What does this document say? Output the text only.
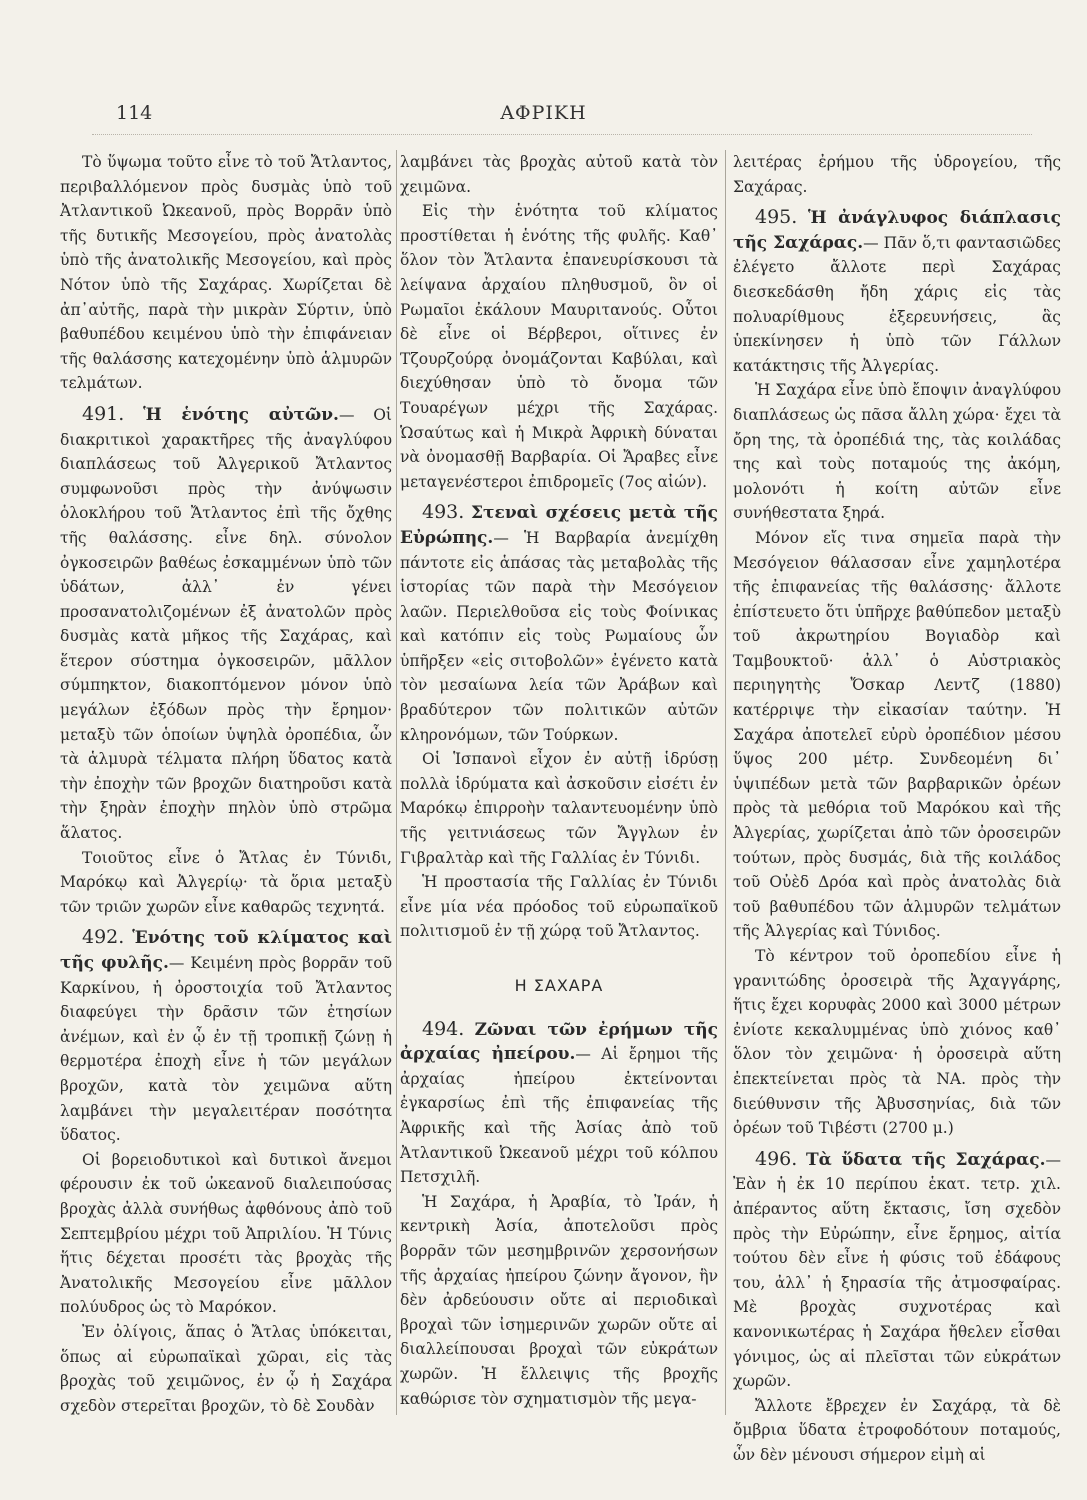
114	ΑΦΡΙΚΗ

Τὸ ὕψωμα τοῦτο εἶνε τὸ τοῦ Ἄτλαντος, περιβαλλόμενον πρὸς δυσμὰς ὑπὸ τοῦ Ἀτλαντικοῦ Ὠκεανοῦ, πρὸς Βορρᾶν ὑπὸ τῆς δυτικῆς Μεσογείου, πρὸς ἀνατολὰς ὑπὸ τῆς ἀνατολικῆς Μεσογείου, καὶ πρὸς Νότον ὑπὸ τῆς Σαχάρας. Χωρίζεται δὲ ἀπ᾽αὐτῆς, παρὰ τὴν μικρὰν Σύρτιν, ὑπὸ βαθυπέδου κειμένου ὑπὸ τὴν ἐπιφάνειαν τῆς θαλάσσης κατεχομένην ὑπὸ ἁλμυρῶν τελμάτων.

491. Ἡ ἑνότης αὐτῶν.— Οἱ διακριτικοὶ χαρακτῆρες τῆς ἀναγλύφου διαπλάσεως τοῦ Ἀλγερικοῦ Ἄτλαντος συμφωνοῦσι πρὸς τὴν ἀνύψωσιν ὁλοκλήρου τοῦ Ἄτλαντος ἐπὶ τῆς ὄχθης τῆς θαλάσσης. εἶνε δηλ. σύνολον ὀγκοσειρῶν βαθέως ἐσκαμμένων ὑπὸ τῶν ὑδάτων, ἀλλ᾽ ἐν γένει προσανατολιζομένων ἐξ ἀνατολῶν πρὸς δυσμὰς κατὰ μῆκος τῆς Σαχάρας, καὶ ἕτερον σύστημα ὀγκοσειρῶν, μᾶλλον σύμπηκτον, διακοπτόμενον μόνον ὑπὸ μεγάλων ἐξόδων πρὸς τὴν ἔρημον· μεταξὺ τῶν ὁποίων ὑψηλὰ ὀροπέδια, ὧν τὰ ἁλμυρὰ τέλματα πλήρη ὕδατος κατὰ τὴν ἐποχὴν τῶν βροχῶν διατηροῦσι κατὰ τὴν ξηρὰν ἐποχὴν πηλὸν ὑπὸ στρῶμα ἅλατος.

Τοιοῦτος εἶνε ὁ Ἄτλας ἐν Τύνιδι, Μαρόκῳ καὶ Ἀλγερίῳ· τὰ ὅρια μεταξὺ τῶν τριῶν χωρῶν εἶνε καθαρῶς τεχνητά.

492. Ἑνότης τοῦ κλίματος καὶ τῆς φυλῆς.— Κειμένη πρὸς βορρᾶν τοῦ Καρκίνου, ἡ ὀροστοιχία τοῦ Ἄτλαντος διαφεύγει τὴν δρᾶσιν τῶν ἐτησίων ἀνέμων, καὶ ἐν ᾧ ἐν τῇ τροπικῇ ζώνῃ ἡ θερμοτέρα ἐποχὴ εἶνε ἡ τῶν μεγάλων βροχῶν, κατὰ τὸν χειμῶνα αὕτη λαμβάνει τὴν μεγαλειτέραν ποσότητα ὕδατος.

Οἱ βορειοδυτικοὶ καὶ δυτικοὶ ἄνεμοι φέρουσιν ἐκ τοῦ ὠκεανοῦ διαλειπούσας βροχὰς ἀλλὰ συνήθως ἀφθόνους ἀπὸ τοῦ Σεπτεμβρίου μέχρι τοῦ Ἀπριλίου. Ἡ Τύνις ἥτις δέχεται προσέτι τὰς βροχὰς τῆς Ἀνατολικῆς Μεσογείου εἶνε μᾶλλον πολύυδρος ὡς τὸ Μαρόκον.

Ἐν ὀλίγοις, ἅπας ὁ Ἄτλας ὑπόκειται, ὅπως αἱ εὐρωπαϊκαὶ χῶραι, εἰς τὰς βροχὰς τοῦ χειμῶνος, ἐν ᾧ ἡ Σαχάρα σχεδὸν στερεῖται βροχῶν, τὸ δὲ Σουδὰν

λαμβάνει τὰς βροχὰς αὐτοῦ κατὰ τὸν χειμῶνα.

Εἰς τὴν ἑνότητα τοῦ κλίματος προστίθεται ἡ ἑνότης τῆς φυλῆς. Καθ᾽ ὅλον τὸν Ἄτλαντα ἐπανευρίσκουσι τὰ λείψανα ἀρχαίου πληθυσμοῦ, ὃν οἱ Ρωμαῖοι ἐκάλουν Μαυριτανούς. Οὗτοι δὲ εἶνε οἱ Βέρβεροι, οἵτινες ἐν Τζουρζούρᾳ ὀνομάζονται Καβύλαι, καὶ διεχύθησαν ὑπὸ τὸ ὄνομα τῶν Τουαρέγων μέχρι τῆς Σαχάρας. Ὡσαύτως καὶ ἡ Μικρὰ Ἀφρικὴ δύναται νὰ ὀνομασθῇ Βαρβαρία. Οἱ Ἄραβες εἶνε μεταγενέστεροι ἐπιδρομεῖς (7ος αἰών).

493. Στεναὶ σχέσεις μετὰ τῆς Εὐρώπης.— Ἡ Βαρβαρία ἀνεμίχθη πάντοτε εἰς ἁπάσας τὰς μεταβολὰς τῆς ἱστορίας τῶν παρὰ τὴν Μεσόγειον λαῶν. Περιελθοῦσα εἰς τοὺς Φοίνικας καὶ κατόπιν εἰς τοὺς Ρωμαίους ὧν ὑπῆρξεν «εἰς σιτοβολῶν» ἐγένετο κατὰ τὸν μεσαίωνα λεία τῶν Ἀράβων καὶ βραδύτερον τῶν πολιτικῶν αὐτῶν κληρονόμων, τῶν Τούρκων.

Οἱ Ἱσπανοὶ εἶχον ἐν αὐτῇ ἱδρύσῃ πολλὰ ἱδρύματα καὶ ἀσκοῦσιν εἰσέτι ἐν Μαρόκῳ ἐπιρροὴν ταλαντευομένην ὑπὸ τῆς γειτνιάσεως τῶν Ἄγγλων ἐν Γιβραλτὰρ καὶ τῆς Γαλλίας ἐν Τύνιδι.

Ἡ προστασία τῆς Γαλλίας ἐν Τύνιδι εἶνε μία νέα πρόοδος τοῦ εὐρωπαϊκοῦ πολιτισμοῦ ἐν τῇ χώρᾳ τοῦ Ἄτλαντος.

Η ΣΑΧΑΡΑ

494. Ζῶναι τῶν ἐρήμων τῆς ἀρχαίας ἠπείρου.— Αἱ ἔρημοι τῆς ἀρχαίας ἠπείρου ἐκτείνονται ἐγκαρσίως ἐπὶ τῆς ἐπιφανείας τῆς Ἀφρικῆς καὶ τῆς Ἀσίας ἀπὸ τοῦ Ἀτλαντικοῦ Ὠκεανοῦ μέχρι τοῦ κόλπου Πετσχιλῆ.

Ἡ Σαχάρα, ἡ Ἀραβία, τὸ Ἰράν, ἡ κεντρικὴ Ἀσία, ἀποτελοῦσι πρὸς βορρᾶν τῶν μεσημβρινῶν χερσονήσων τῆς ἀρχαίας ἠπείρου ζώνην ἄγονον, ἣν δὲν ἀρδεύουσιν οὔτε αἱ περιοδικαὶ βροχαὶ τῶν ἰσημερινῶν χωρῶν οὔτε αἱ διαλλείπουσαι βροχαὶ τῶν εὐκράτων χωρῶν. Ἡ ἔλλειψις τῆς βροχῆς καθώρισε τὸν σχηματισμὸν τῆς μεγα-

λειτέρας ἐρήμου τῆς ὑδρογείου, τῆς Σαχάρας.

495. Ἡ ἀνάγλυφος διάπλασις τῆς Σαχάρας.— Πᾶν ὅ,τι φαντασιῶδες ἐλέγετο ἄλλοτε περὶ Σαχάρας διεσκεδάσθη ἤδη χάρις εἰς τὰς πολυαρίθμους ἐξερευνήσεις, ἃς ὑπεκίνησεν ἡ ὑπὸ τῶν Γάλλων κατάκτησις τῆς Ἀλγερίας.

Ἡ Σαχάρα εἶνε ὑπὸ ἔποψιν ἀναγλύφου διαπλάσεως ὡς πᾶσα ἄλλη χώρα· ἔχει τὰ ὄρη της, τὰ ὀροπέδιά της, τὰς κοιλάδας της καὶ τοὺς ποταμούς της ἀκόμη, μολονότι ἡ κοίτη αὐτῶν εἶνε συνήθεστατα ξηρά.

Μόνον εἴς τινα σημεῖα παρὰ τὴν Μεσόγειον θάλασσαν εἶνε χαμηλοτέρα τῆς ἐπιφανείας τῆς θαλάσσης· ἄλλοτε ἐπίστευετο ὅτι ὑπῆρχε βαθύπεδον μεταξὺ τοῦ ἀκρωτηρίου Βογιαδὸρ καὶ Ταμβουκτοῦ· ἀλλ᾽ ὁ Αὐστριακὸς περιηγητὴς Ὄσκαρ Λεντζ (1880) κατέρριψε τὴν εἰκασίαν ταύτην. Ἡ Σαχάρα ἀποτελεῖ εὐρὺ ὀροπέδιον μέσου ὕψος 200 μέτρ. Συνδεομένη δι᾽ ὑψιπέδων μετὰ τῶν βαρβαρικῶν ὀρέων πρὸς τὰ μεθόρια τοῦ Μαρόκου καὶ τῆς Ἀλγερίας, χωρίζεται ἀπὸ τῶν ὀροσειρῶν τούτων, πρὸς δυσμάς, διὰ τῆς κοιλάδος τοῦ Οὐὲδ Δρόα καὶ πρὸς ἀνατολὰς διὰ τοῦ βαθυπέδου τῶν ἁλμυρῶν τελμάτων τῆς Ἀλγερίας καὶ Τύνιδος.

Τὸ κέντρον τοῦ ὀροπεδίου εἶνε ἡ γρανιτώδης ὀροσειρὰ τῆς Ἀχαγγάρης, ἥτις ἔχει κορυφὰς 2000 καὶ 3000 μέτρων ἐνίοτε κεκαλυμμένας ὑπὸ χιόνος καθ᾽ ὅλον τὸν χειμῶνα· ἡ ὀροσειρὰ αὕτη ἐπεκτείνεται πρὸς τὰ ΝΑ. πρὸς τὴν διεύθυνσιν τῆς Ἀβυσσηνίας, διὰ τῶν ὀρέων τοῦ Τιβέστι (2700 μ.)

496. Τὰ ὕδατα τῆς Σαχάρας.— Ἐὰν ἡ ἐκ 10 περίπου ἑκατ. τετρ. χιλ. ἀπέραντος αὕτη ἔκτασις, ἴση σχεδὸν πρὸς τὴν Εὐρώπην, εἶνε ἔρημος, αἰτία τούτου δὲν εἶνε ἡ φύσις τοῦ ἐδάφους του, ἀλλ᾽ ἡ ξηρασία τῆς ἀτμοσφαίρας. Μὲ βροχὰς συχνοτέρας καὶ κανονικωτέρας ἡ Σαχάρα ἤθελεν εἶσθαι γόνιμος, ὡς αἱ πλεῖσται τῶν εὐκράτων χωρῶν.

Ἄλλοτε ἔβρεχεν ἐν Σαχάρᾳ, τὰ δὲ ὄμβρια ὕδατα ἐτροφοδότουν ποταμούς, ὧν δὲν μένουσι σήμερον εἰμὴ αἱ
